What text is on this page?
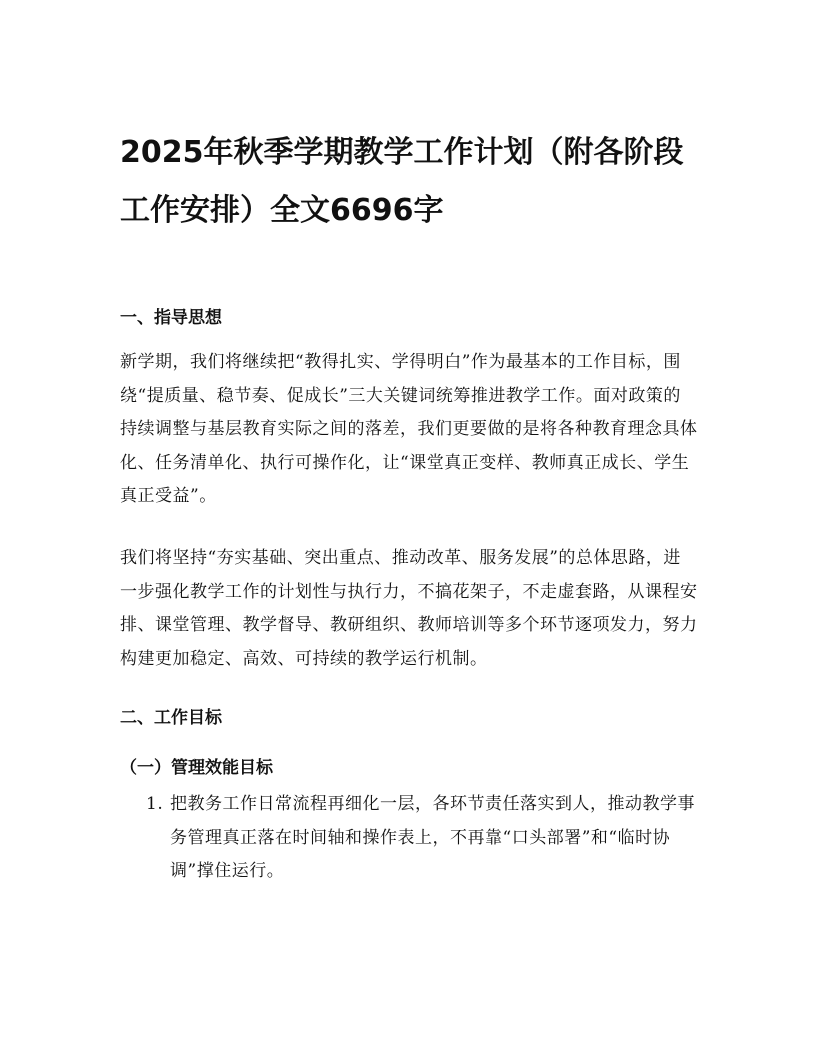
2025年秋季学期教学工作计划（附各阶段工作安排）全文6696字
一、指导思想

新学期，我们将继续把“教得扎实、学得明白”作为最基本的工作目标，围绕“提质量、稳节奏、促成长”三大关键词统筹推进教学工作。面对政策的持续调整与基层教育实际之间的落差，我们更要做的是将各种教育理念具体化、任务清单化、执行可操作化，让“课堂真正变样、教师真正成长、学生真正受益”。

我们将坚持“夯实基础、突出重点、推动改革、服务发展”的总体思路，进一步强化教学工作的计划性与执行力，不搞花架子，不走虚套路，从课程安排、课堂管理、教学督导、教研组织、教师培训等多个环节逐项发力，努力构建更加稳定、高效、可持续的教学运行机制。

二、工作目标
（一）管理效能目标
1. 把教务工作日常流程再细化一层，各环节责任落实到人，推动教学事务管理真正落在时间轴和操作表上，不再靠“口头部署”和“临时协调”撑住运行。
